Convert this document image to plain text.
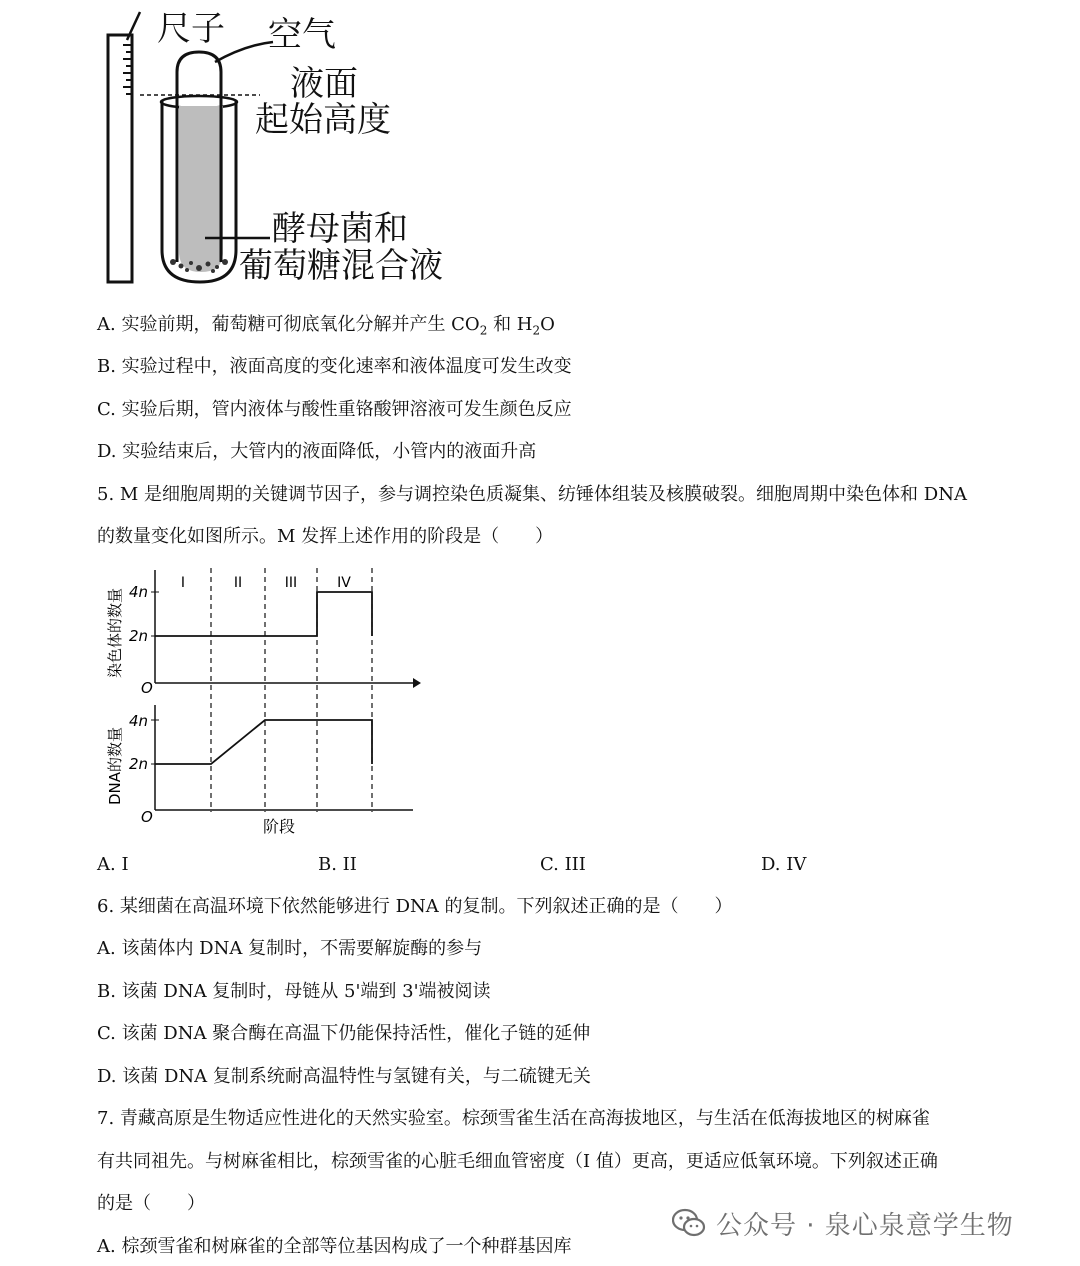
尺子 空气
液面
起始高度
酵母菌和
葡萄糖混合液
A. 实验前期，葡萄糖可彻底氧化分解并产生 $CO_2$ 和 $H_2O$
B. 实验过程中，液面高度的变化速率和液体温度可发生改变
C. 实验后期，管内液体与酸性重铬酸钾溶液可发生颜色反应
D. 实验结束后，大管内的液面降低，小管内的液面升高
5. M 是细胞周期的关键调节因子，参与调控染色质凝集、纺锤体组装及核膜破裂。细胞周期中染色体和 DNA
的数量变化如图所示。M 发挥上述作用的阶段是（　　）
4n
2n
O
4n
2n
O
染色体的数量
DNA的数量
阶段
I	II	III	IV
A. I	B. II	C. III	D. IV
6. 某细菌在高温环境下依然能够进行 DNA 的复制。下列叙述正确的是（　　）
A. 该菌体内 DNA 复制时，不需要解旋酶的参与
B. 该菌 DNA 复制时，母链从 5'端到 3'端被阅读
C. 该菌 DNA 聚合酶在高温下仍能保持活性，催化子链的延伸
D. 该菌 DNA 复制系统耐高温特性与氢键有关，与二硫键无关
7. 青藏高原是生物适应性进化的天然实验室。棕颈雪雀生活在高海拔地区，与生活在低海拔地区的树麻雀
有共同祖先。与树麻雀相比，棕颈雪雀的心脏毛细血管密度（I 值）更高，更适应低氧环境。下列叙述正确
的是（　　）
A. 棕颈雪雀和树麻雀的全部等位基因构成了一个种群基因库
公众号 · 泉心泉意学生物
